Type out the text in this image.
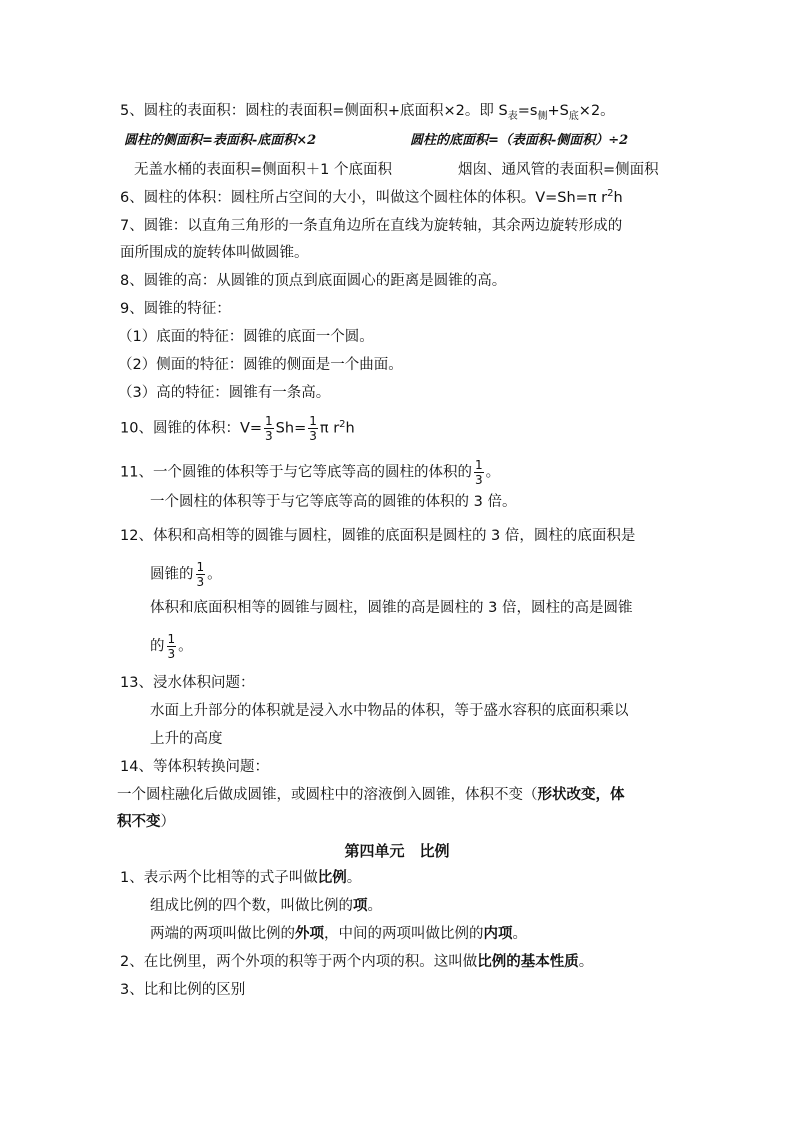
5、圆柱的表面积：圆柱的表面积=侧面积+底面积×2。即 $S_表=s_侧+S_底\times 2$。
圆柱的侧面积=表面积-底面积×2	圆柱的底面积=（表面积-侧面积）÷2
无盖水桶的表面积=侧面积＋1 个底面积	烟囱、通风管的表面积=侧面积
6、圆柱的体积：圆柱所占空间的大小，叫做这个圆柱体的体积。V=Sh=π $r^2h$
7、圆锥：以直角三角形的一条直角边所在直线为旋转轴，其余两边旋转形成的
面所围成的旋转体叫做圆锥。
8、圆锥的高：从圆锥的顶点到底面圆心的距离是圆锥的高。
9、圆锥的特征：
（1）底面的特征：圆锥的底面一个圆。
（2）侧面的特征：圆锥的侧面是一个曲面。
（3）高的特征：圆锥有一条高。
10、圆锥的体积：$V= \frac{1}{3} Sh= \frac{1}{3}$ π $r^2h$
11、一个圆锥的体积等于与它等底等高的圆柱的体积的 $\frac{1}{3}$ 。
一个圆柱的体积等于与它等底等高的圆锥的体积的 3 倍。
12、体积和高相等的圆锥与圆柱，圆锥的底面积是圆柱的 3 倍，圆柱的底面积是
圆锥的 $\frac{1}{3}$ 。
体积和底面积相等的圆锥与圆柱，圆锥的高是圆柱的 3 倍，圆柱的高是圆锥
的 $\frac{1}{3}$ 。
13、浸水体积问题：
水面上升部分的体积就是浸入水中物品的体积，等于盛水容积的底面积乘以
上升的高度
14、等体积转换问题：
一个圆柱融化后做成圆锥，或圆柱中的溶液倒入圆锥，体积不变（形状改变，体
积不变）
第四单元　比例
1、表示两个比相等的式子叫做比例。
组成比例的四个数，叫做比例的项。
两端的两项叫做比例的外项，中间的两项叫做比例的内项。
2、在比例里，两个外项的积等于两个内项的积。这叫做比例的基本性质。
3、比和比例的区别
